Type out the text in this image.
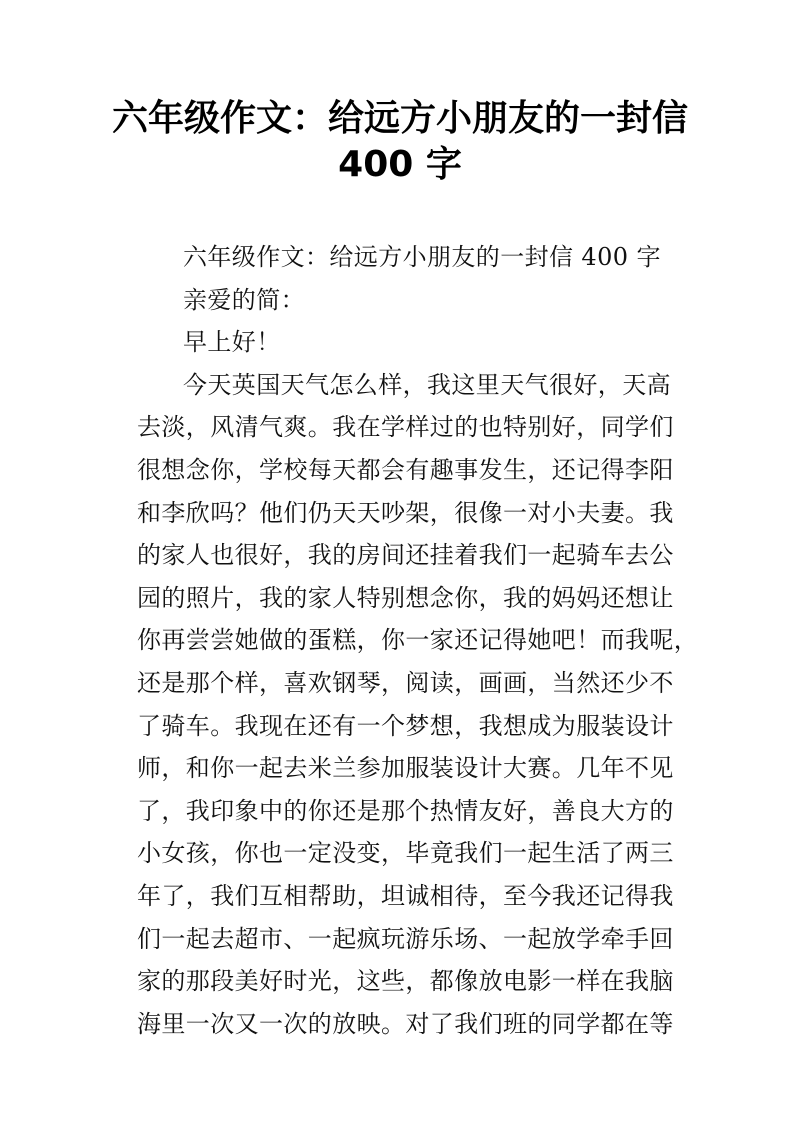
六年级作文：给远方小朋友的一封信
400 字
六年级作文：给远方小朋友的一封信 400 字
亲爱的简：
早上好！
今天英国天气怎么样，我这里天气很好，天高
去淡，风清气爽。我在学样过的也特别好，同学们
很想念你，学校每天都会有趣事发生，还记得李阳
和李欣吗？他们仍天天吵架，很像一对小夫妻。我
的家人也很好，我的房间还挂着我们一起骑车去公
园的照片，我的家人特别想念你，我的妈妈还想让
你再尝尝她做的蛋糕，你一家还记得她吧！而我呢，
还是那个样，喜欢钢琴，阅读，画画，当然还少不
了骑车。我现在还有一个梦想，我想成为服装设计
师，和你一起去米兰参加服装设计大赛。几年不见
了，我印象中的你还是那个热情友好，善良大方的
小女孩，你也一定没变，毕竟我们一起生活了两三
年了，我们互相帮助，坦诚相待，至今我还记得我
们一起去超市、一起疯玩游乐场、一起放学牵手回
家的那段美好时光，这些，都像放电影一样在我脑
海里一次又一次的放映。对了我们班的同学都在等
